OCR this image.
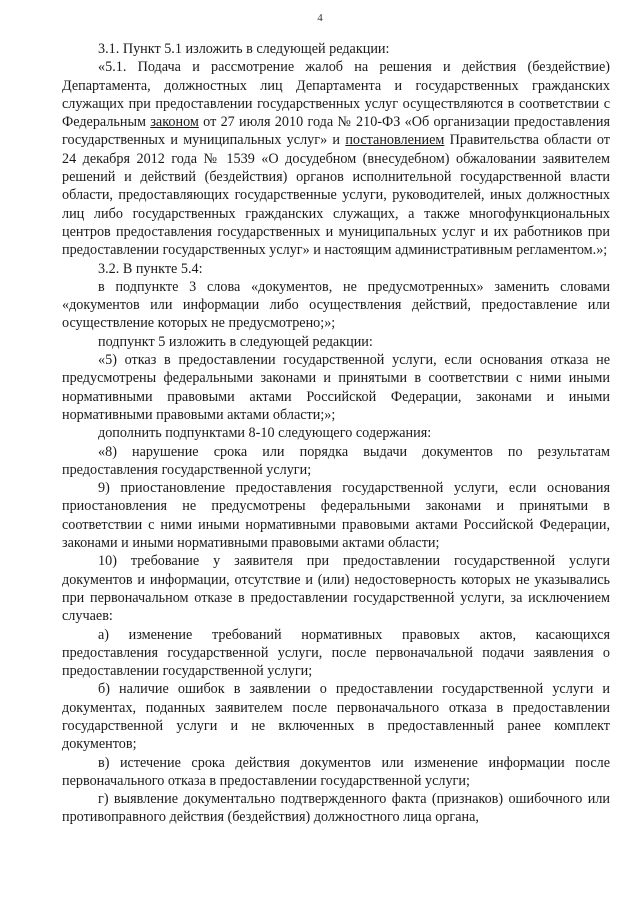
4

3.1. Пункт 5.1 изложить в следующей редакции:

«5.1. Подача и рассмотрение жалоб на решения и действия (бездействие) Департамента, должностных лиц Департамента и государственных гражданских служащих при предоставлении государственных услуг осуществляются в соответствии с Федеральным законом от 27 июля 2010 года № 210-ФЗ «Об организации предоставления государственных и муниципальных услуг» и постановлением Правительства области от 24 декабря 2012 года № 1539 «О досудебном (внесудебном) обжаловании заявителем решений и действий (бездействия) органов исполнительной государственной власти области, предоставляющих государственные услуги, руководителей, иных должностных лиц либо государственных гражданских служащих, а также многофункциональных центров предоставления государственных и муниципальных услуг и их работников при предоставлении государственных услуг» и настоящим административным регламентом.»;

3.2. В пункте 5.4:

в подпункте 3 слова «документов, не предусмотренных» заменить словами «документов или информации либо осуществления действий, предоставление или осуществление которых не предусмотрено;»;

подпункт 5 изложить в следующей редакции:

«5) отказ в предоставлении государственной услуги, если основания отказа не предусмотрены федеральными законами и принятыми в соответствии с ними иными нормативными правовыми актами Российской Федерации, законами и иными нормативными правовыми актами области;»;

дополнить подпунктами 8-10 следующего содержания:

«8) нарушение срока или порядка выдачи документов по результатам предоставления государственной услуги;

9) приостановление предоставления государственной услуги, если основания приостановления не предусмотрены федеральными законами и принятыми в соответствии с ними иными нормативными правовыми актами Российской Федерации, законами и иными нормативными правовыми актами области;

10) требование у заявителя при предоставлении государственной услуги документов и информации, отсутствие и (или) недостоверность которых не указывались при первоначальном отказе в предоставлении государственной услуги, за исключением случаев:

а) изменение требований нормативных правовых актов, касающихся предоставления государственной услуги, после первоначальной подачи заявления о предоставлении государственной услуги;

б) наличие ошибок в заявлении о предоставлении государственной услуги и документах, поданных заявителем после первоначального отказа в предоставлении государственной услуги и не включенных в предоставленный ранее комплект документов;

в) истечение срока действия документов или изменение информации после первоначального отказа в предоставлении государственной услуги;

г) выявление документально подтвержденного факта (признаков) ошибочного или противоправного действия (бездействия) должностного лица органа,
